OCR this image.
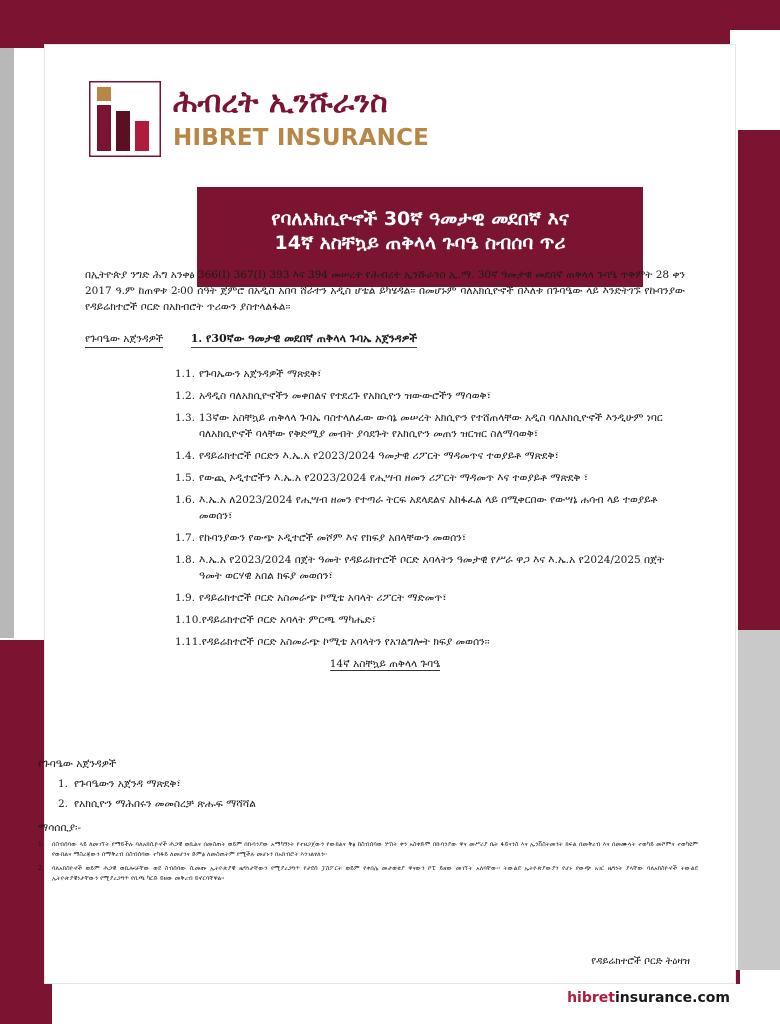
ሕብረት ኢንሹራንስ
HIBRET INSURANCE
የባለአክሲዮኖች 30ኛ ዓመታዊ መደበኛ እና
14ኛ አስቸኳይ ጠቅላላ ጉባዔ ስብሰባ ጥሪ

በኢትዮጵያ ንግድ ሕግ አንቀፅ 366(I) 367(I) 393 እና 394 መሠረት የሕብረት ኢንሹራንስ ኢ.ማ. 30ኛ ዓመታዊ መደበኛ ጠቅላላ ጉባዔ ጥቅምት 28 ቀን 2017 ዓ.ም ከጠዋቱ 2፡00 ሰዓት ጀምሮ በአዲስ አበባ ሸራተን አዲስ ሆቴል ይካሄዳል፡፡ በመሆኑም ባለአክሲዮኖች በእለቱ በጉባዔው ላይ እንድትገኙ የኩባንያው የዳይሬክተሮች ቦርድ በአክብሮት ጥሪውን ያስተላልፋል፡፡

የጉባዔው አጀንዳዎች 1. የ30ኛው ዓመታዊ መደበኛ ጠቅላላ ጉባኤ አጀንዳዎች
1.1. የጉባኤውን አጀንዳዎች ማጽደቅ፣
1.2. አዳዲስ ባለአክሲዮኖችን መቀበልና የተደረጉ የአክሲዮን ዝውውሮችን ማሳወቅ፣
1.3. 13ኛው አስቸኳይ ጠቅላላ ጉባኤ ባስተላለፈው ውሳኔ መሠረት አክሲዮን የተሸጠላቸው አዲስ ባለአክሲዮኖች እንዲሁም ነባር ባለአክሲዮኖች ባላቸው የቅድሚያ መብት ያሳደጉት የአክሲዮን መጠን ዝርዝር ስለማሳወቅ፣
1.4. የዳይሬክተሮች ቦርድን እ.ኤ.አ የ2023/2024 ዓመታዊ ሪፖርት ማዳመጥና ተወያይቶ ማጽደቅ፣
1.5. የውጪ ኦዲተሮችን እ.ኤ.አ የ2023/2024 የሒሣብ ዘመን ሪፖርት ማዳመጥ እና ተወያይቶ ማጽደቅ ፣
1.6. እ.ኤ.አ ለ2023/2024 የሒሣብ ዘመን የተጣራ ትርፍ አደላደልና አከፋፈል ላይ በሚቀርበው የውሣኔ ሐሳብ ላይ ተወያይቶ መወሰን፣
1.7. የኩባንያውን የውጭ ኦዲተሮች መሾም እና የክፍያ አበላቸውን መወሰን፣
1.8. እ.ኤ.አ የ2023/2024 በጀት ዓመት የዳይሬክተሮች ቦርድ አባላትን ዓመታዊ የሥራ ዋጋ እና እ.ኤ.አ የ2024/2025 በጀት ዓመት ወርሃዊ አበል ክፍያ መወሰን፣
1.9. የዳይሬክተሮች ቦርድ አስመራጭ ኮሚቴ አባላት ሪፖርት ማድመጥ፣
1.10. የዳይሬክተሮች ቦርድ አባላት ምርጫ ማካሔድ፣
1.11. የዳይሬክተሮች ቦርድ አስመራጭ ኮሚቴ አባላትን የአገልግሎት ክፍያ መወሰን፡፡
14ኛ አስቸኳይ ጠቅላላ ጉባዔ
የጉባዔው አጀንዳዎች
1. የጉባዔውን አጀንዳ ማጽደቅ፣
2. የአክሲዮን ማሕበሩን መመስረቻ ጽሑፍ ማሻሻል
ማሳሰቢያ፡-
1.	በስብሰባው ላይ ለመገኘት የማይችሉ ባለአክሲዮኖች ሕጋዊ ወኪልና በመስጠት ወይም በኩባንያው አማካኝነት የተዘጋጀውን የውክልና ቅፅ ከስብሰባው ሦስት ቀን አስቀድሞ በኩባንያው ዋና መሥሪያ ቤት ፋይናንስ እና ኢንቨስትመንት ክፍል በመቅረብ እና በመሙላት ተወካይ መሾምና ተወካዩም የውክልና ማስረጃውን በማቅረብ በስብሰባው ተካፋይ ለመሆንና ድምፅ ለመስጠትም የሚችሉ መሆኑን በአክብሮት እንገልፃለን፡፡
2.	ባለአክስዮኖች ወይም ሕጋዊ ወኪሎቻቸው ወደ ስብሰባው ሲመጡ ኢትዮጵያዊ ዜግነታቸውን የሚያረጋግጥ የታደሰ ፓስፖርት ወይም የቀበሌ መታወቂያ ዋናውን ኮፒ ይዘው መገኘት አለባቸው፡፡ ትውልደ ኢትዮጵያውያን የሆኑ የውጭ አገር ዜግነት ያላቸው ባለአክስዮኖች ትውልደ ኢትዮጵያዊነታቸውን የሚያረጋግጥ የቢጫ ካርድ ይዘው መቅረብ ይኖርባቸዋል፡፡
የዳይሬክተሮች ቦርድ ትዕዛዝ
hibretinsurance.com
